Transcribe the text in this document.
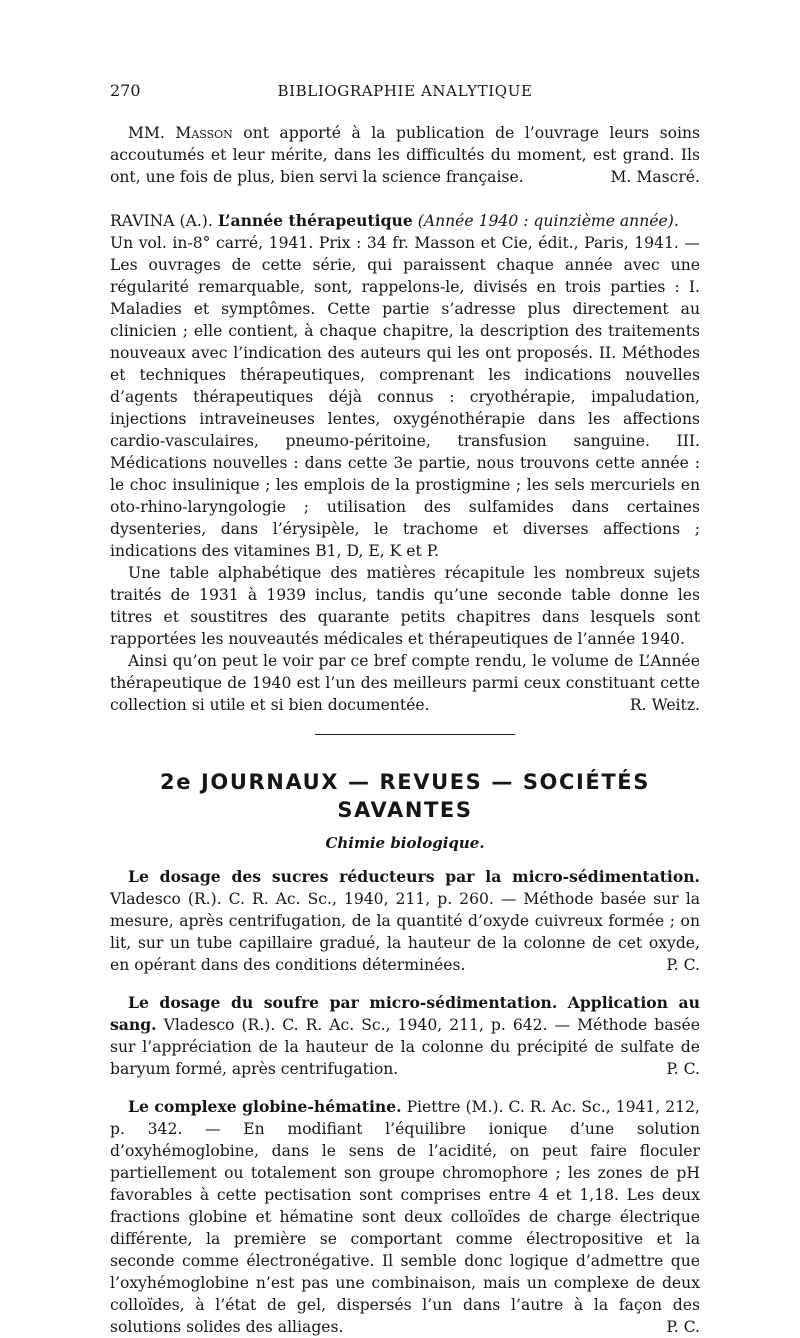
270	BIBLIOGRAPHIE ANALYTIQUE

MM. Masson ont apporté à la publication de l’ouvrage leurs soins accoutumés et leur mérite, dans les difficultés du moment, est grand. Ils ont, une fois de plus, bien servi la science française.	M. Mascré.

RAVINA (A.). L’année thérapeutique (Année 1940 : quinzième année).

Un vol. in-8° carré, 1941. Prix : 34 fr. Masson et Cie, édit., Paris, 1941. — Les ouvrages de cette série, qui paraissent chaque année avec une régularité remarquable, sont, rappelons-le, divisés en trois parties : I. Maladies et symptômes. Cette partie s’adresse plus directement au clinicien ; elle contient, à chaque chapitre, la description des traitements nouveaux avec l’indication des auteurs qui les ont proposés. II. Méthodes et techniques thérapeutiques, comprenant les indications nouvelles d’agents thérapeutiques déjà connus : cryothérapie, impaludation, injections intraveineuses lentes, oxygénothérapie dans les affections cardio-vasculaires, pneumo-péritoine, transfusion sanguine. III. Médications nouvelles : dans cette 3e partie, nous trouvons cette année : le choc insulinique ; les emplois de la prostigmine ; les sels mercuriels en oto-rhino-laryngologie ; utilisation des sulfamides dans certaines dysenteries, dans l’érysipèle, le trachome et diverses affections ; indications des vitamines B1, D, E, K et P.

Une table alphabétique des matières récapitule les nombreux sujets traités de 1931 à 1939 inclus, tandis qu’une seconde table donne les titres et soustitres des quarante petits chapitres dans lesquels sont rapportées les nouveautés médicales et thérapeutiques de l’année 1940.

Ainsi qu’on peut le voir par ce bref compte rendu, le volume de L’Année thérapeutique de 1940 est l’un des meilleurs parmi ceux constituant cette collection si utile et si bien documentée.	R. Weitz.

2e JOURNAUX — REVUES — SOCIÉTÉS SAVANTES
Chimie biologique.

Le dosage des sucres réducteurs par la micro-sédimentation. Vladesco (R.). C. R. Ac. Sc., 1940, 211, p. 260. — Méthode basée sur la mesure, après centrifugation, de la quantité d’oxyde cuivreux formée ; on lit, sur un tube capillaire gradué, la hauteur de la colonne de cet oxyde, en opérant dans des conditions déterminées.	P. C.

Le dosage du soufre par micro-sédimentation. Application au sang. Vladesco (R.). C. R. Ac. Sc., 1940, 211, p. 642. — Méthode basée sur l’appréciation de la hauteur de la colonne du précipité de sulfate de baryum formé, après centrifugation.	P. C.

Le complexe globine-hématine. Piettre (M.). C. R. Ac. Sc., 1941, 212, p. 342. — En modifiant l’équilibre ionique d’une solution d’oxyhémoglobine, dans le sens de l’acidité, on peut faire floculer partiellement ou totalement son groupe chromophore ; les zones de pH favorables à cette pectisation sont comprises entre 4 et 1,18. Les deux fractions globine et hématine sont deux colloïdes de charge électrique différente, la première se comportant comme électropositive et la seconde comme électronégative. Il semble donc logique d’admettre que l’oxyhémoglobine n’est pas une combinaison, mais un complexe de deux colloïdes, à l’état de gel, dispersés l’un dans l’autre à la façon des solutions solides des alliages.	P. C.
